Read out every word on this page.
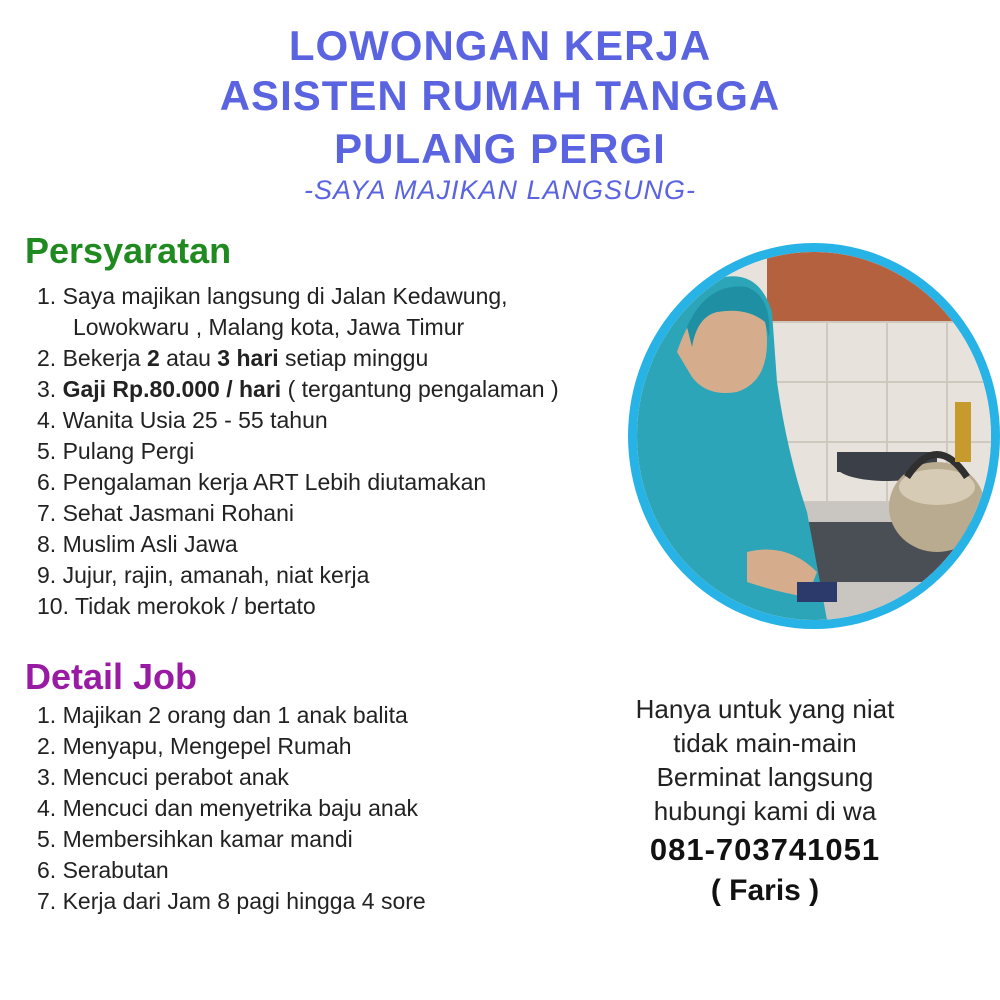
LOWONGAN KERJA
ASISTEN RUMAH TANGGA
PULANG PERGI
-SAYA MAJIKAN LANGSUNG-
Persyaratan
1. Saya majikan langsung di Jalan Kedawung,
Lowokwaru , Malang kota, Jawa Timur
2. Bekerja 2 atau 3 hari setiap minggu
3. Gaji Rp.80.000 / hari ( tergantung pengalaman )
4. Wanita Usia 25 - 55 tahun
5. Pulang Pergi
6. Pengalaman kerja ART Lebih diutamakan
7. Sehat Jasmani Rohani
8. Muslim Asli Jawa
9. Jujur, rajin, amanah, niat kerja
10. Tidak merokok / bertato
Detail Job
1. Majikan 2 orang dan 1 anak balita
2. Menyapu, Mengepel Rumah
3. Mencuci perabot anak
4. Mencuci dan menyetrika baju anak
5. Membersihkan kamar mandi
6. Serabutan
7. Kerja dari Jam 8 pagi hingga 4 sore

Hanya untuk yang niat

tidak main-main

Berminat langsung

hubungi kami di wa

081-703741051
( Faris )
